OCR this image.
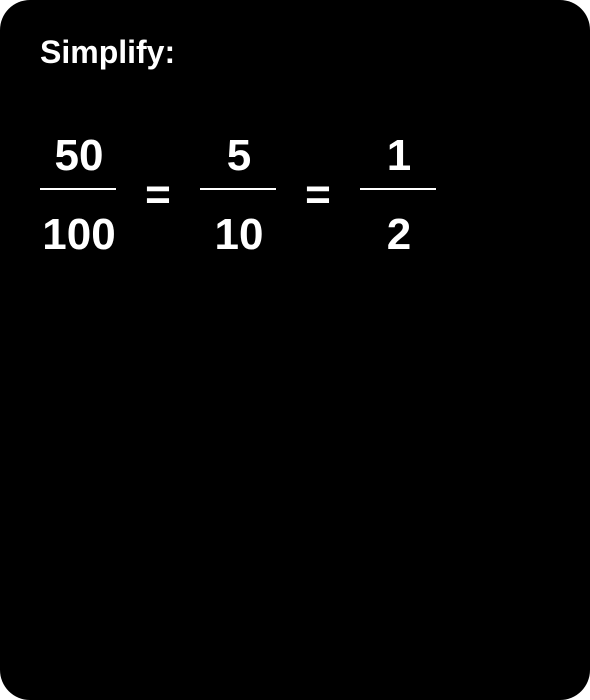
Simplify:
50
100
=
5
10
=
1
2
